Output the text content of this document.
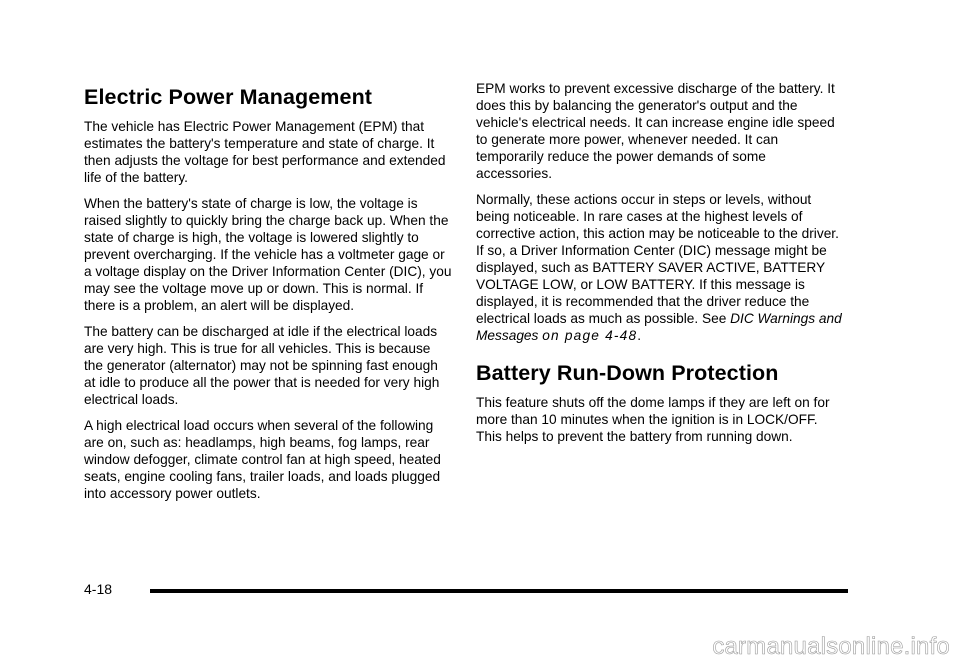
Electric Power Management

The vehicle has Electric Power Management (EPM) that estimates the battery's temperature and state of charge. It then adjusts the voltage for best performance and extended life of the battery.

When the battery's state of charge is low, the voltage is raised slightly to quickly bring the charge back up. When the state of charge is high, the voltage is lowered slightly to prevent overcharging. If the vehicle has a voltmeter gage or a voltage display on the Driver Information Center (DIC), you may see the voltage move up or down. This is normal. If there is a problem, an alert will be displayed.

The battery can be discharged at idle if the electrical loads are very high. This is true for all vehicles. This is because the generator (alternator) may not be spinning fast enough at idle to produce all the power that is needed for very high electrical loads.

A high electrical load occurs when several of the following are on, such as: headlamps, high beams, fog lamps, rear window defogger, climate control fan at high speed, heated seats, engine cooling fans, trailer loads, and loads plugged into accessory power outlets.

EPM works to prevent excessive discharge of the battery. It does this by balancing the generator's output and the vehicle's electrical needs. It can increase engine idle speed to generate more power, whenever needed. It can temporarily reduce the power demands of some accessories.

Normally, these actions occur in steps or levels, without being noticeable. In rare cases at the highest levels of corrective action, this action may be noticeable to the driver. If so, a Driver Information Center (DIC) message might be displayed, such as BATTERY SAVER ACTIVE, BATTERY VOLTAGE LOW, or LOW BATTERY. If this message is displayed, it is recommended that the driver reduce the electrical loads as much as possible. See DIC Warnings and Messages on page 4-48.

Battery Run-Down Protection

This feature shuts off the dome lamps if they are left on for more than 10 minutes when the ignition is in LOCK/OFF. This helps to prevent the battery from running down.

4-18
carmanualsonline.info
